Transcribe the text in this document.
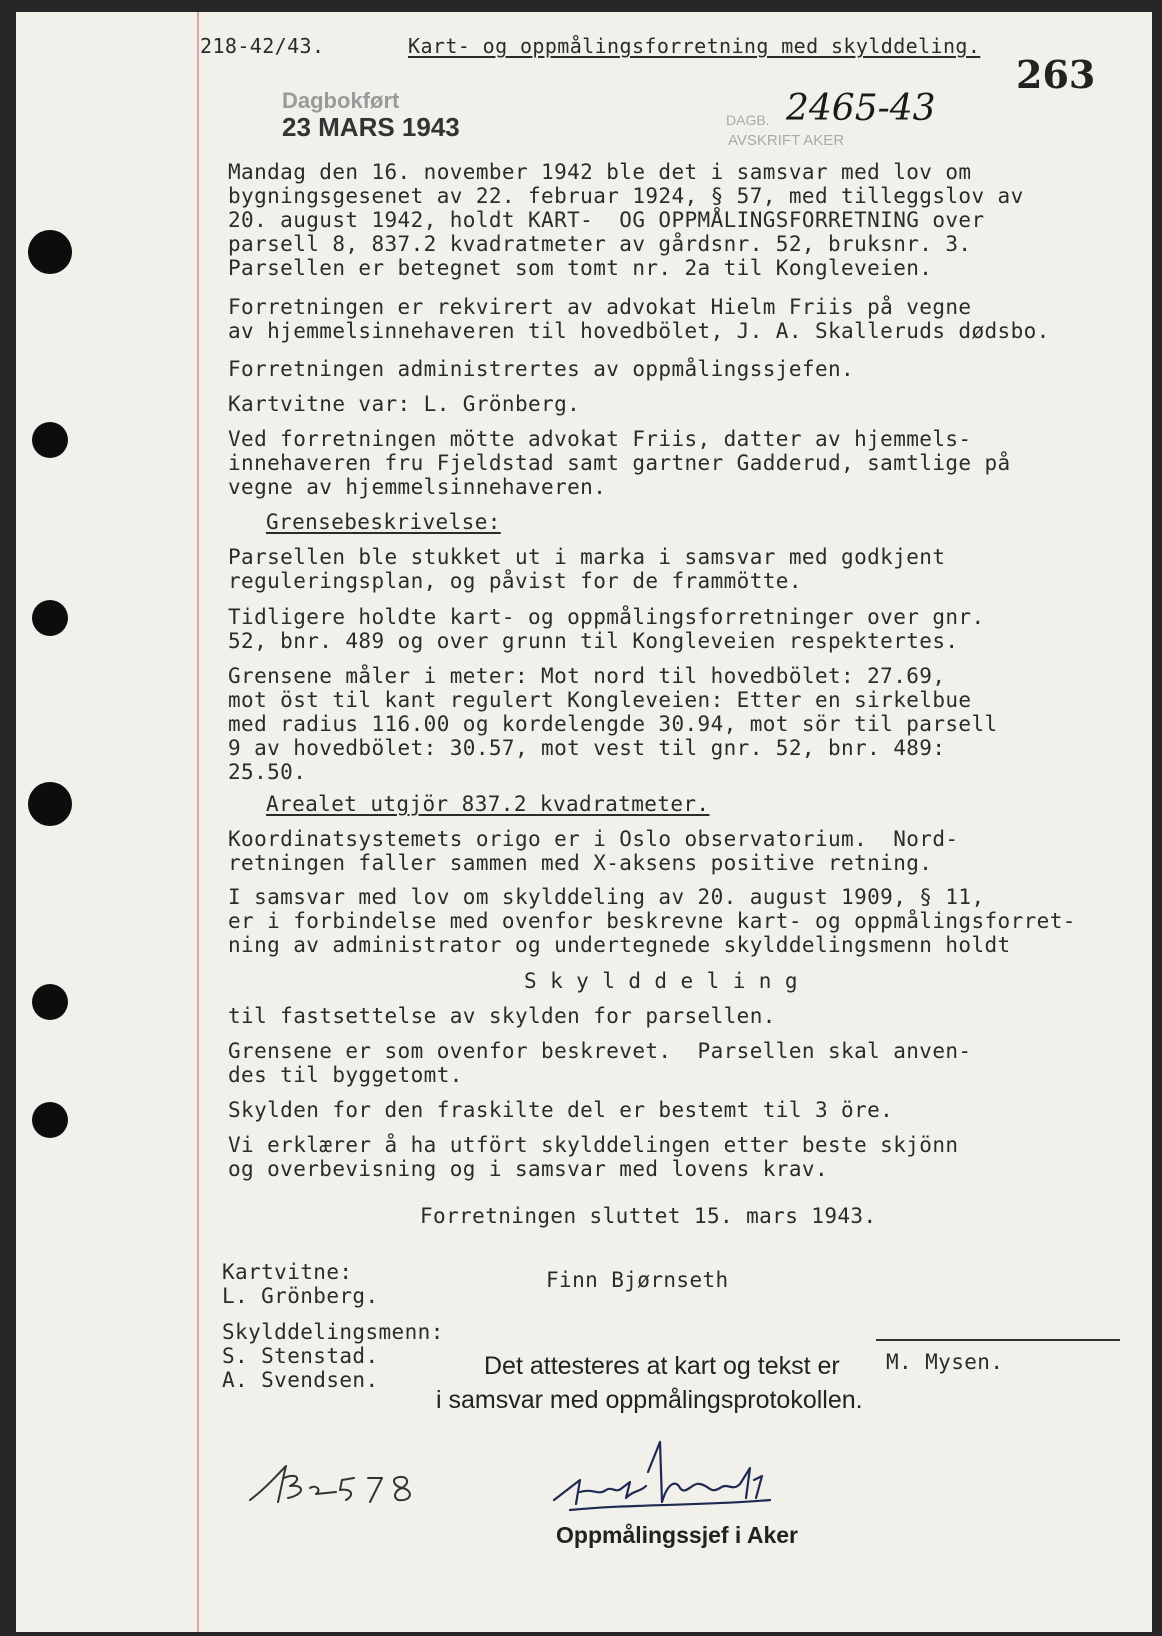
218-42/43.	Kart- og oppmålingsforretning med skylddeling.

263

Dagbokført

23 MARS 1943	DAGB. 2465-43

AVSKRIFT AKER

Mandag den 16. november 1942 ble det i samsvar med lov om
bygningsgesenet av 22. februar 1924, § 57, med tilleggslov av
20. august 1942, holdt KART-  OG OPPMÅLINGSFORRETNING over
parsell 8, 837.2 kvadratmeter av gårdsnr. 52, bruksnr. 3.
Parsellen er betegnet som tomt nr. 2a til Kongleveien.

Forretningen er rekvirert av advokat Hielm Friis på vegne
av hjemmelsinnehaveren til hovedbölet, J. A. Skalleruds dødsbo.

Forretningen administrertes av oppmålingssjefen.

Kartvitne var: L. Grönberg.

Ved forretningen mötte advokat Friis, datter av hjemmels-
innehaveren fru Fjeldstad samt gartner Gadderud, samtlige på
vegne av hjemmelsinnehaveren.

Grensebeskrivelse:

Parsellen ble stukket ut i marka i samsvar med godkjent
reguleringsplan, og påvist for de frammötte.

Tidligere holdte kart- og oppmålingsforretninger over gnr.
52, bnr. 489 og over grunn til Kongleveien respektertes.

Grensene måler i meter: Mot nord til hovedbölet: 27.69,
mot öst til kant regulert Kongleveien: Etter en sirkelbue
med radius 116.00 og kordelengde 30.94, mot sör til parsell
9 av hovedbölet: 30.57, mot vest til gnr. 52, bnr. 489:
25.50.

Arealet utgjör 837.2 kvadratmeter.

Koordinatsystemets origo er i Oslo observatorium.  Nord-
retningen faller sammen med X-aksens positive retning.

I samsvar med lov om skylddeling av 20. august 1909, § 11,
er i forbindelse med ovenfor beskrevne kart- og oppmålingsforret-
ning av administrator og undertegnede skylddelingsmenn holdt

S k y l d d e l i n g

til fastsettelse av skylden for parsellen.

Grensene er som ovenfor beskrevet.  Parsellen skal anven-
des til byggetomt.

Skylden for den fraskilte del er bestemt til 3 öre.

Vi erklærer å ha utfört skylddelingen etter beste skjönn
og overbevisning og i samsvar med lovens krav.

Forretningen sluttet 15. mars 1943.

Kartvitne:
L. Grönberg.

Finn Bjørnseth

Skylddelingsmenn:
S. Stenstad.
A. Svendsen.

M. Mysen.

Det attesteres at kart og tekst er

i samsvar med oppmålingsprotokollen.

Oppmålingssjef i Aker
